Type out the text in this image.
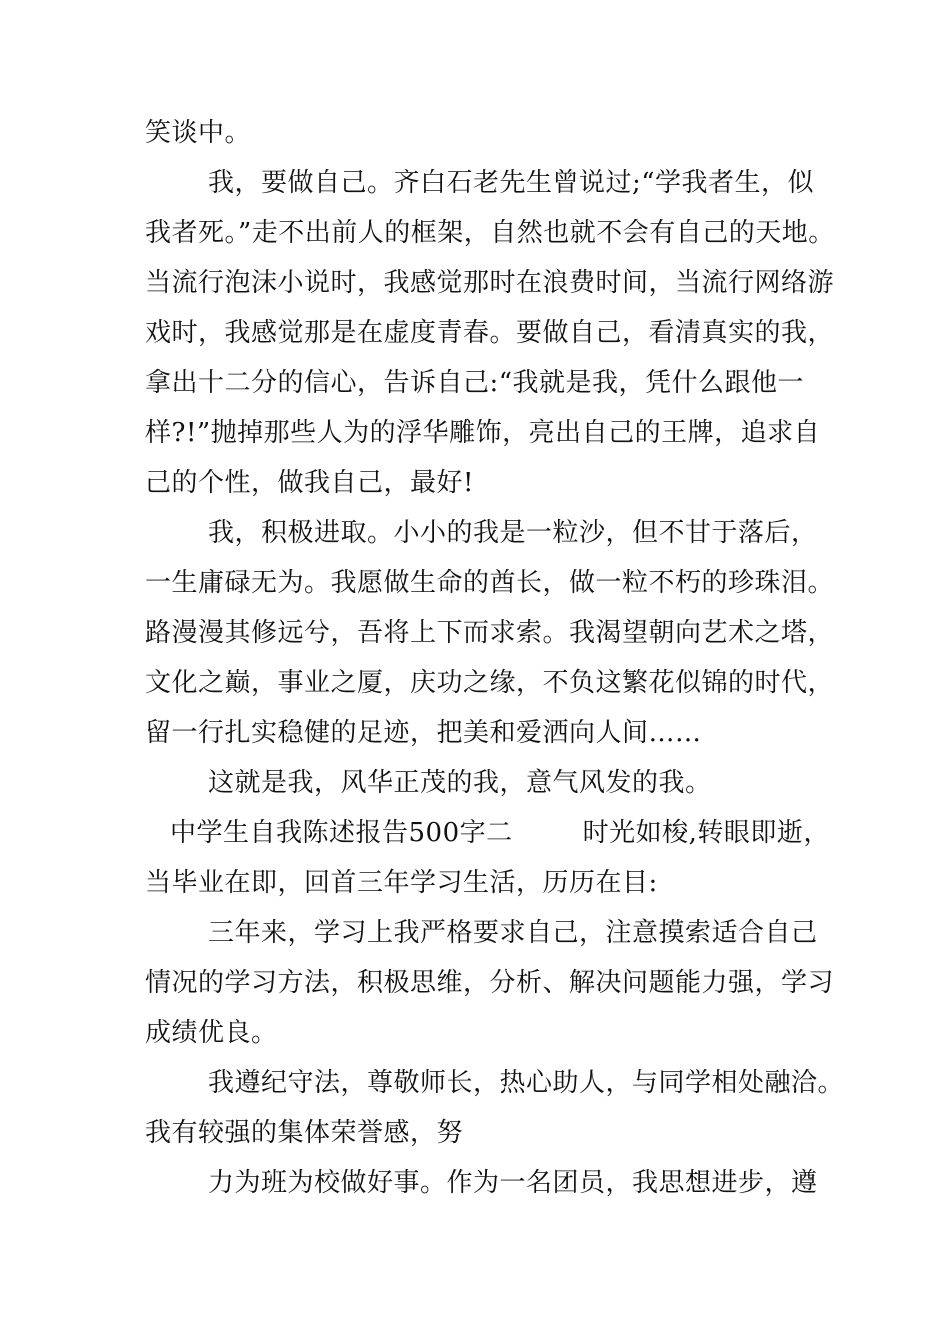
笑谈中。
我，要做自己。齐白石老先生曾说过;“学我者生，似
我者死。”走不出前人的框架，自然也就不会有自己的天地。
当流行泡沫小说时，我感觉那时在浪费时间，当流行网络游
戏时，我感觉那是在虚度青春。要做自己，看清真实的我，
拿出十二分的信心，告诉自己:“我就是我，凭什么跟他一
样?!”抛掉那些人为的浮华雕饰，亮出自己的王牌，追求自
己的个性，做我自己，最好!
我，积极进取。小小的我是一粒沙，但不甘于落后，
一生庸碌无为。我愿做生命的酋长，做一粒不朽的珍珠泪。
路漫漫其修远兮，吾将上下而求索。我渴望朝向艺术之塔，
文化之巅，事业之厦，庆功之缘，不负这繁花似锦的时代，
留一行扎实稳健的足迹，把美和爱洒向人间……
这就是我，风华正茂的我，意气风发的我。
中学生自我陈述报告500字二	时光如梭,转眼即逝，
当毕业在即，回首三年学习生活，历历在目:
三年来，学习上我严格要求自己，注意摸索适合自己
情况的学习方法，积极思维，分析、解决问题能力强，学习
成绩优良。
我遵纪守法，尊敬师长，热心助人，与同学相处融洽。
我有较强的集体荣誉感，努
力为班为校做好事。作为一名团员，我思想进步，遵
